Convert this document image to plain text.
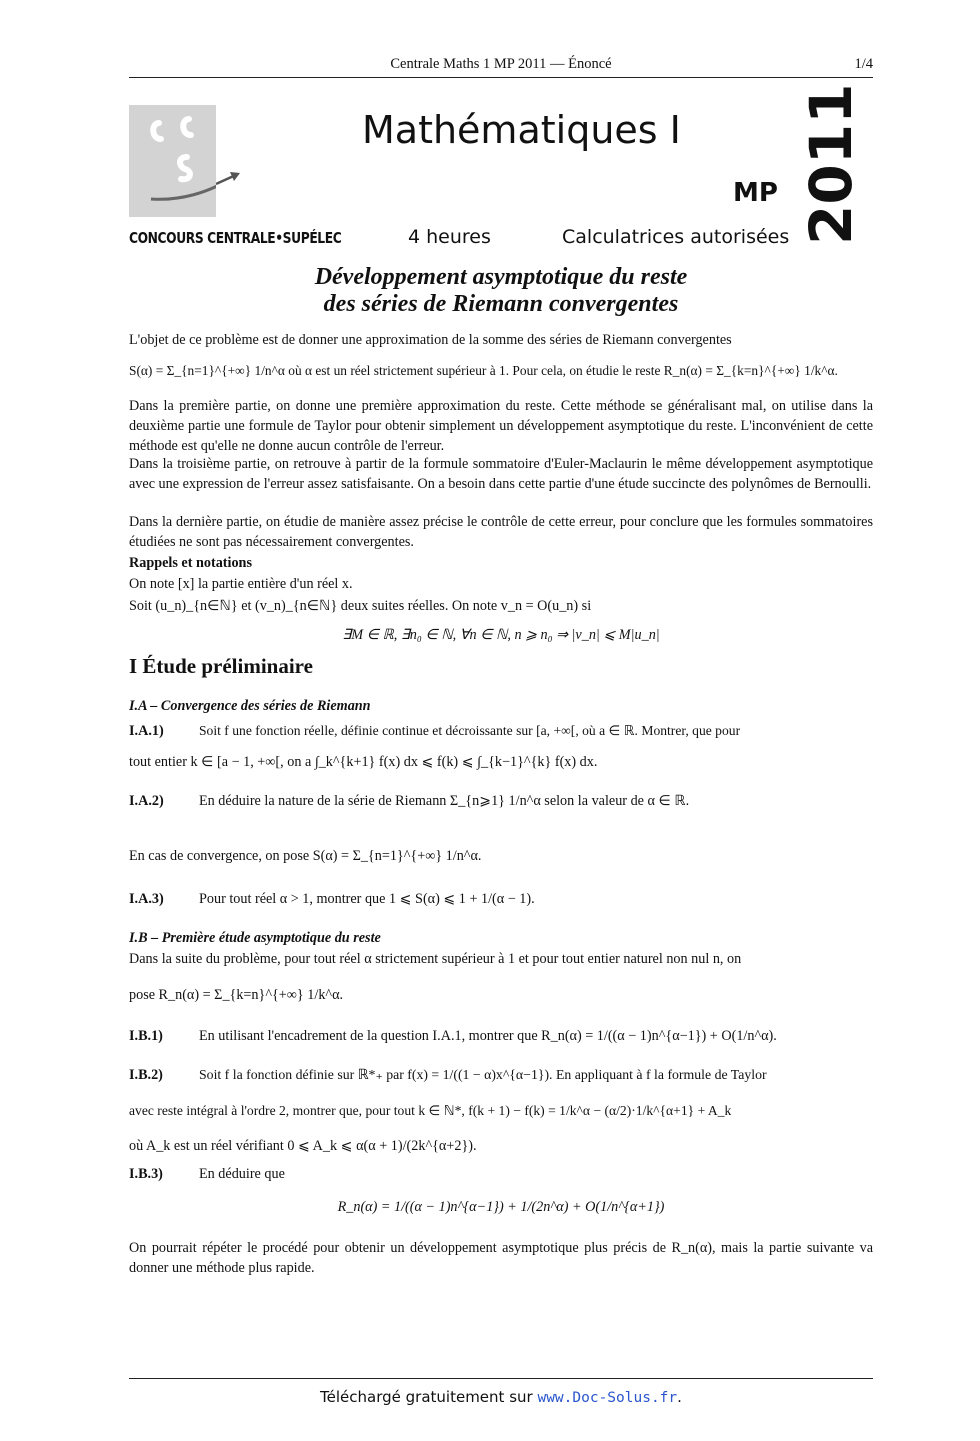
Centrale Maths 1 MP 2011 — Énoncé	1/4
CONCOURS CENTRALE•SUPÉLEC
Mathématiques I
MP
4 heures	Calculatrices autorisées 2011
Développement asymptotique du reste
des séries de Riemann convergentes
L'objet de ce problème est de donner une approximation de la somme des séries de Riemann convergentes
S(α) = Σ_{n=1}^{+∞} 1/n^α où α est un réel strictement supérieur à 1. Pour cela, on étudie le reste R_n(α) = Σ_{k=n}^{+∞} 1/k^α.
Dans la première partie, on donne une première approximation du reste. Cette méthode se généralisant mal, on utilise dans la deuxième partie une formule de Taylor pour obtenir simplement un développement asymptotique du reste. L'inconvénient de cette méthode est qu'elle ne donne aucun contrôle de l'erreur.
Dans la troisième partie, on retrouve à partir de la formule sommatoire d'Euler-Maclaurin le même développement asymptotique avec une expression de l'erreur assez satisfaisante. On a besoin dans cette partie d'une étude succincte des polynômes de Bernoulli.
Dans la dernière partie, on étudie de manière assez précise le contrôle de cette erreur, pour conclure que les formules sommatoires étudiées ne sont pas nécessairement convergentes.
Rappels et notations
On note [x] la partie entière d'un réel x.
Soit (u_n)_{n∈ℕ} et (v_n)_{n∈ℕ} deux suites réelles. On note v_n = O(u_n) si
∃M ∈ ℝ, ∃n₀ ∈ ℕ, ∀n ∈ ℕ, n ⩾ n₀ ⇒ |v_n| ⩽ M|u_n|
I Étude préliminaire
I.A – Convergence des séries de Riemann
I.A.1)	Soit f une fonction réelle, définie continue et décroissante sur [a, +∞[, où a ∈ ℝ. Montrer, que pour
tout entier k ∈ [a − 1, +∞[, on a ∫_k^{k+1} f(x) dx ⩽ f(k) ⩽ ∫_{k−1}^{k} f(x) dx.
I.A.2) En déduire la nature de la série de Riemann Σ_{n⩾1} 1/n^α selon la valeur de α ∈ ℝ.
En cas de convergence, on pose S(α) = Σ_{n=1}^{+∞} 1/n^α.
I.A.3) Pour tout réel α > 1, montrer que 1 ⩽ S(α) ⩽ 1 + 1/(α − 1).
I.B – Première étude asymptotique du reste
Dans la suite du problème, pour tout réel α strictement supérieur à 1 et pour tout entier naturel non nul n, on
pose R_n(α) = Σ_{k=n}^{+∞} 1/k^α.
I.B.1)	En utilisant l'encadrement de la question I.A.1, montrer que R_n(α) = 1/((α − 1)n^{α−1}) + O(1/n^α).
I.B.2)	Soit f la fonction définie sur ℝ*₊ par f(x) = 1/((1 − α)x^{α−1}). En appliquant à f la formule de Taylor
avec reste intégral à l'ordre 2, montrer que, pour tout k ∈ ℕ*, f(k + 1) − f(k) = 1/k^α − (α/2)·1/k^{α+1} + A_k
où A_k est un réel vérifiant 0 ⩽ A_k ⩽ α(α + 1)/(2k^{α+2}).
I.B.3)	En déduire que
R_n(α) = 1/((α − 1)n^{α−1}) + 1/(2n^α) + O(1/n^{α+1})
On pourrait répéter le procédé pour obtenir un développement asymptotique plus précis de R_n(α), mais la partie suivante va donner une méthode plus rapide.
Téléchargé gratuitement sur www.Doc-Solus.fr.
